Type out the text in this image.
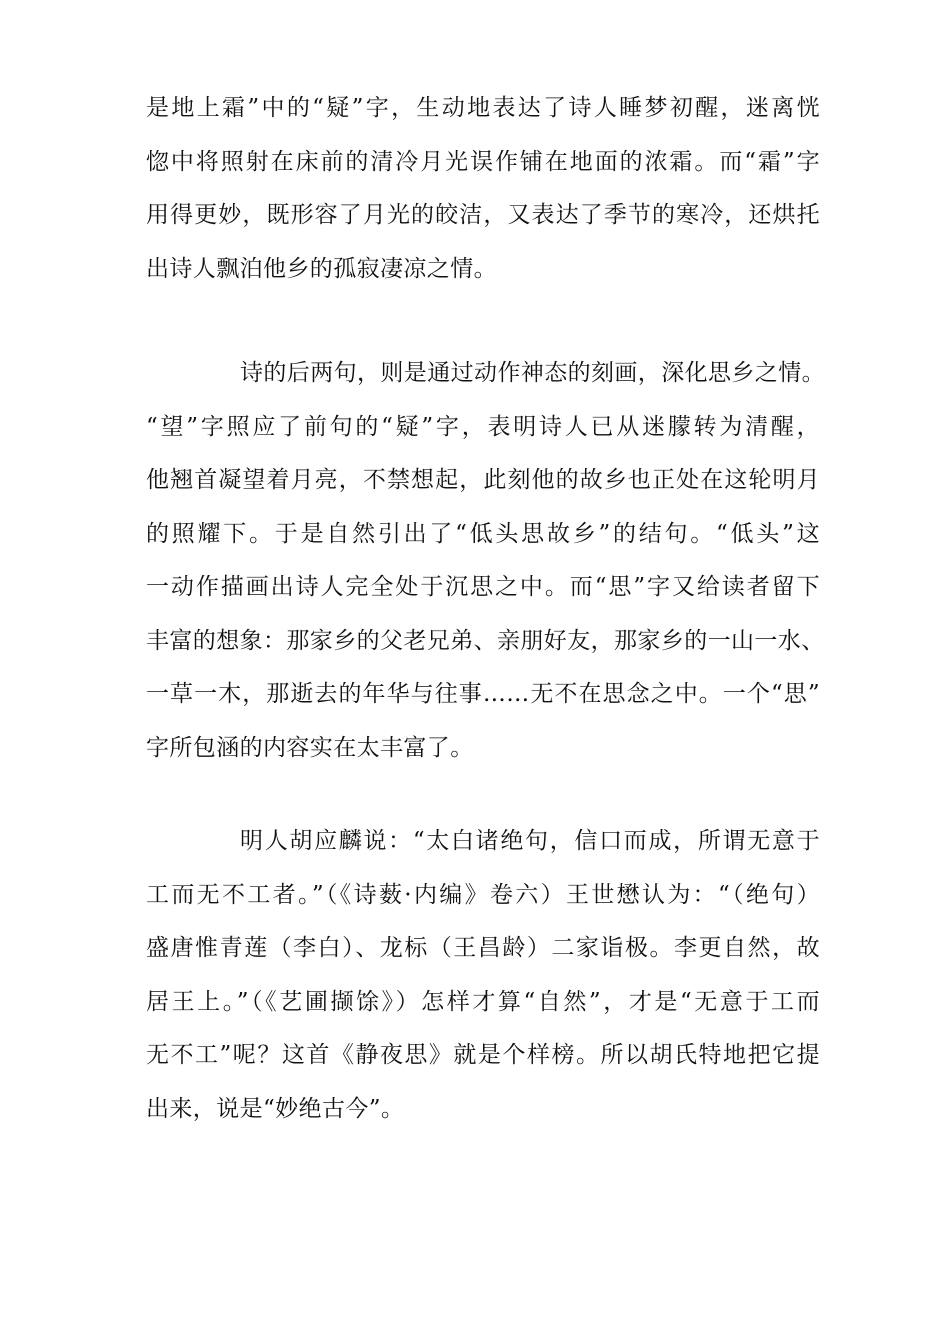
是地上霜”中的“疑”字，生动地表达了诗人睡梦初醒，迷离恍
惚中将照射在床前的清冷月光误作铺在地面的浓霜。而“霜”字
用得更妙，既形容了月光的皎洁，又表达了季节的寒冷，还烘托
出诗人飘泊他乡的孤寂凄凉之情。
诗的后两句，则是通过动作神态的刻画，深化思乡之情。
“望”字照应了前句的“疑”字，表明诗人已从迷朦转为清醒，
他翘首凝望着月亮，不禁想起，此刻他的故乡也正处在这轮明月
的照耀下。于是自然引出了“低头思故乡”的结句。“低头”这
一动作描画出诗人完全处于沉思之中。而“思”字又给读者留下
丰富的想象：那家乡的父老兄弟、亲朋好友，那家乡的一山一水、
一草一木，那逝去的年华与往事……无不在思念之中。一个“思”
字所包涵的内容实在太丰富了。
明人胡应麟说：“太白诸绝句，信口而成，所谓无意于
工而无不工者。”（《诗薮·内编》卷六）王世懋认为：“（绝句）
盛唐惟青莲（李白）、龙标（王昌龄）二家诣极。李更自然，故
居王上。”（《艺圃撷馀》）怎样才算“自然”，才是“无意于工而
无不工”呢？这首《静夜思》就是个样榜。所以胡氏特地把它提
出来，说是“妙绝古今”。
